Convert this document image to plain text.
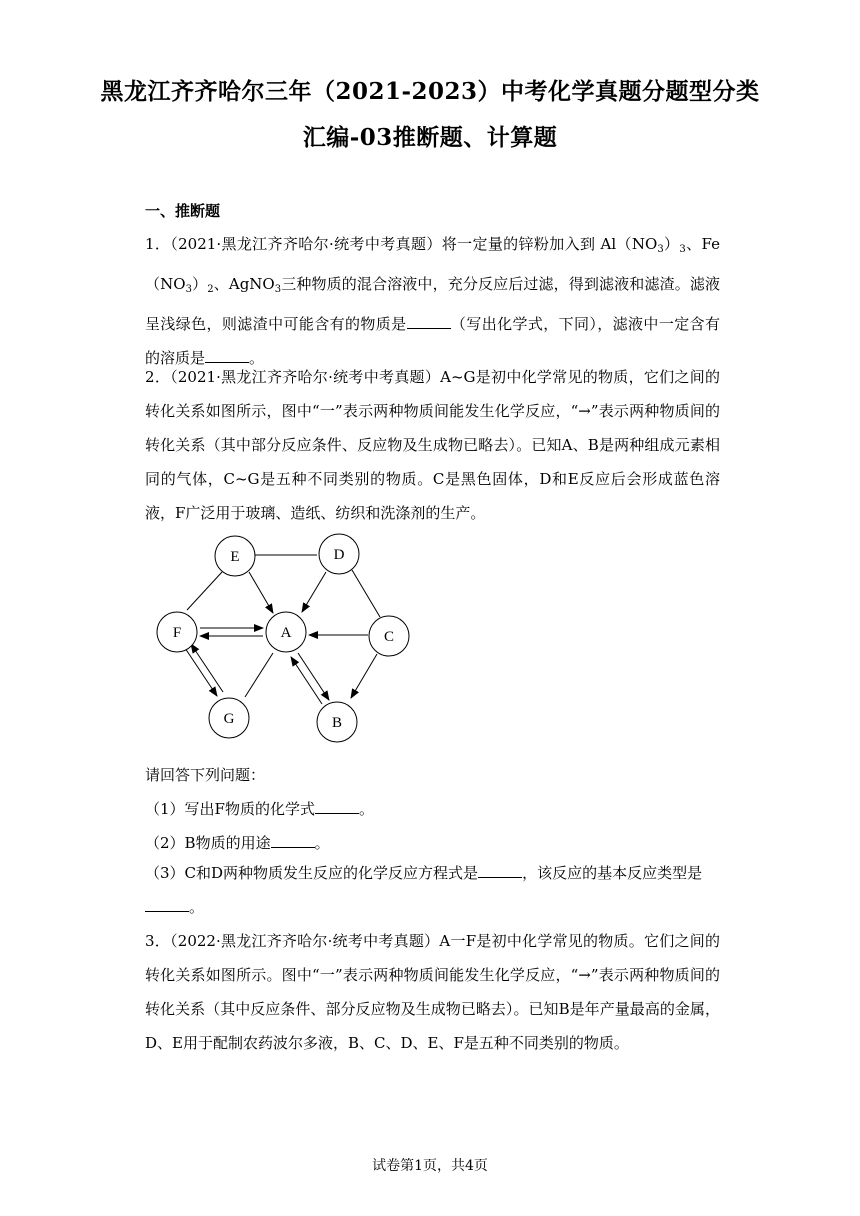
黑龙江齐齐哈尔三年（2021-2023）中考化学真题分题型分类
汇编-03推断题、计算题
一、推断题
1．（2021·黑龙江齐齐哈尔·统考中考真题）将一定量的锌粉加入到 $Al(NO_3)_3$、$Fe(NO_3)_2$、AgNO$_3$三种物质的混合溶液中，充分反应后过滤，得到滤液和滤渣。滤液呈浅绿色，则滤渣中可能含有的物质是	（写出化学式，下同），滤液中一定含有的溶质是	。
2．（2021·黑龙江齐齐哈尔·统考中考真题）A~G是初中化学常见的物质，它们之间的转化关系如图所示，图中“一”表示两种物质间能发生化学反应，“→”表示两种物质间的转化关系（其中部分反应条件、反应物及生成物已略去）。已知A、B是两种组成元素相同的气体，C~G是五种不同类别的物质。C是黑色固体，D和E反应后会形成蓝色溶液，F广泛用于玻璃、造纸、纺织和洗涤剂的生产。
E	D
F	A	C
G	B
请回答下列问题：
（1）写出F物质的化学式	。
（2）B物质的用途	。
（3）C和D两种物质发生反应的化学反应方程式是	，该反应的基本反应类型是
。
3．（2022·黑龙江齐齐哈尔·统考中考真题）A一F是初中化学常见的物质。它们之间的转化关系如图所示。图中“一”表示两种物质间能发生化学反应，“→”表示两种物质间的转化关系（其中反应条件、部分反应物及生成物已略去）。已知B是年产量最高的金属，D、E用于配制农药波尔多液，B、C、D、E、F是五种不同类别的物质。
试卷第1页，共4页
